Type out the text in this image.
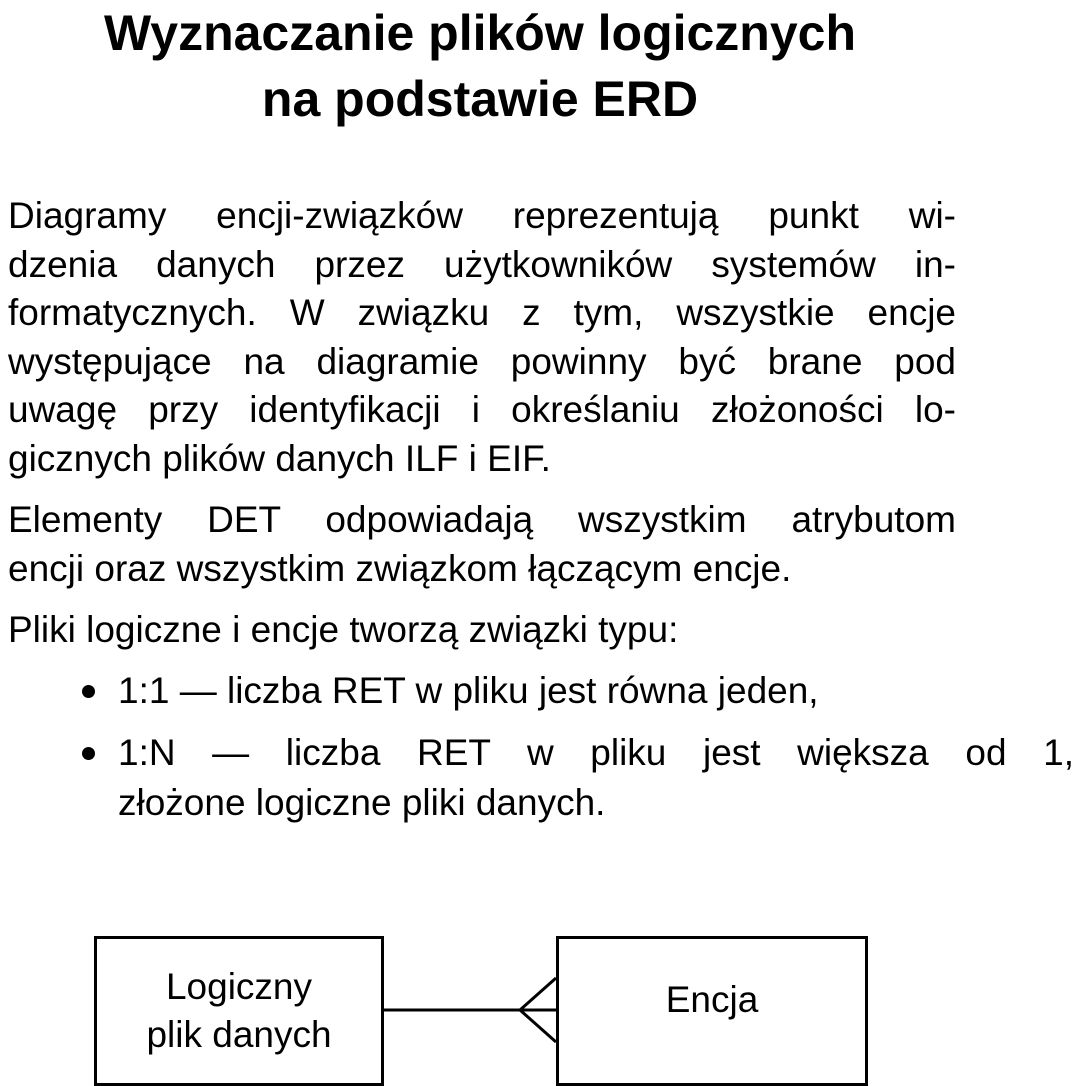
Wyznaczanie plików logicznych
na podstawie ERD
Diagramy encji-związków reprezentują punkt wi-
dzenia danych przez użytkowników systemów in-
formatycznych. W związku z tym, wszystkie encje
występujące na diagramie powinny być brane pod
uwagę przy identyfikacji i określaniu złożoności lo-
gicznych plików danych ILF i EIF.
Elementy DET odpowiadają wszystkim atrybutom
encji oraz wszystkim związkom łączącym encje.
Pliki logiczne i encje tworzą związki typu:
1:1 — liczba RET w pliku jest równa jeden,
1:N — liczba RET w pliku jest większa od 1,
złożone logiczne pliki danych.
Logiczny
plik danych
Encja
